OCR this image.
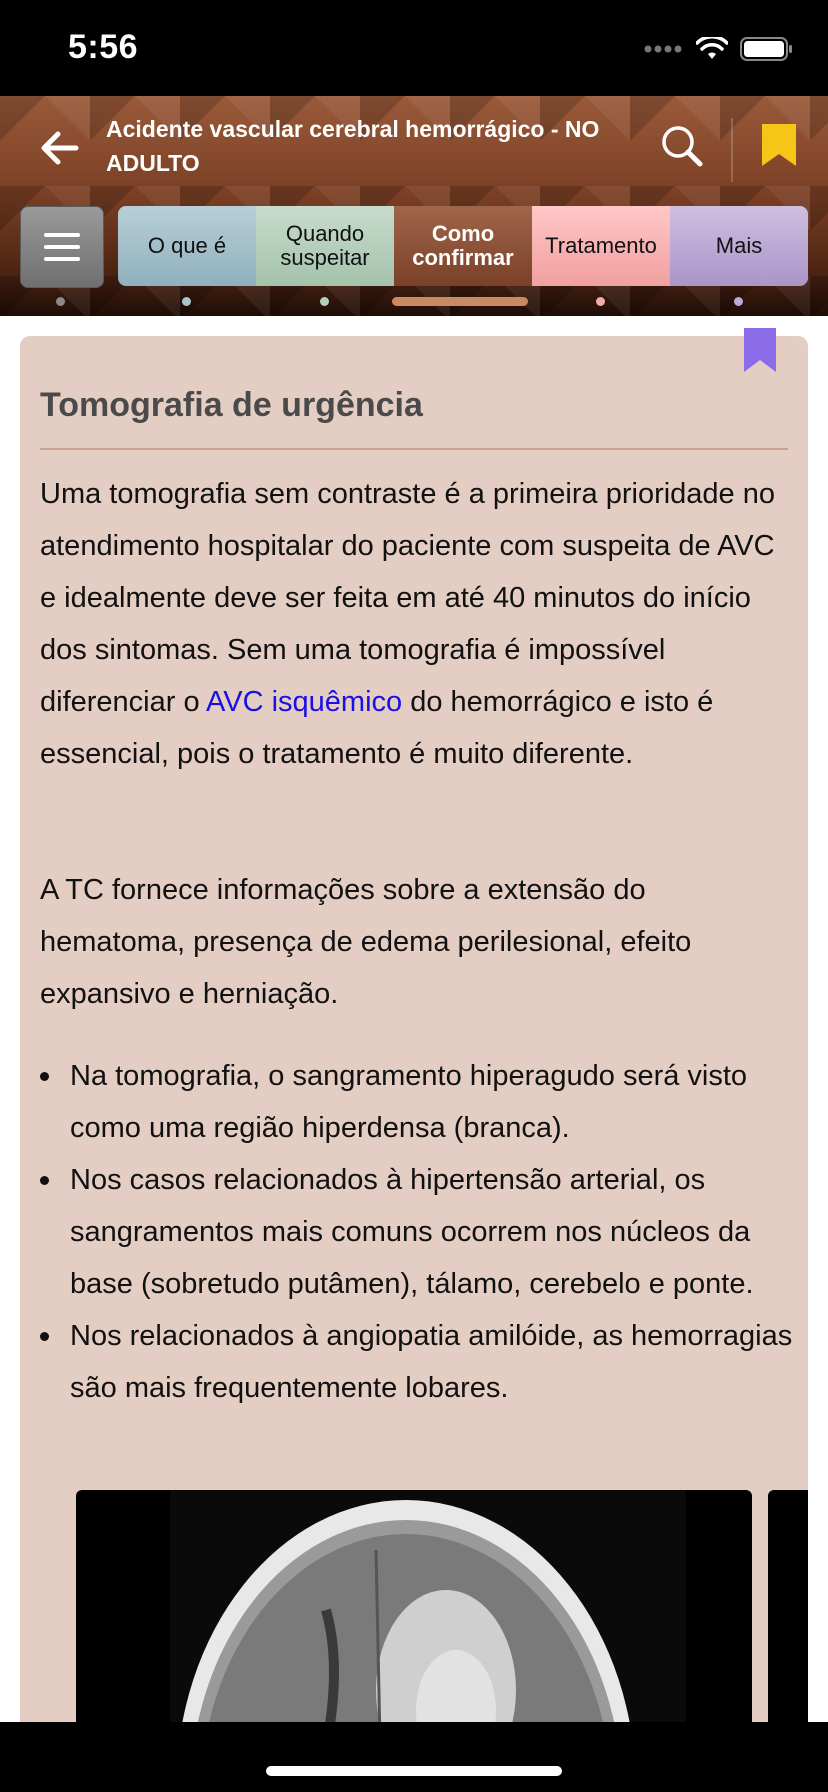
5:56
Acidente vascular cerebral hemorrágico - NO ADULTO
O que é	Quando suspeitar
Como confirmar	Tratamento	Mais
Tomografia de urgência
Uma tomografia sem contraste é a primeira prioridade no atendimento hospitalar do paciente com suspeita de AVC e idealmente deve ser feita em até 40 minutos do início dos sintomas. Sem uma tomografia é impossível diferenciar o AVC isquêmico do hemorrágico e isto é essencial, pois o tratamento é muito diferente.
A TC fornece informações sobre a extensão do hematoma, presença de edema perilesional, efeito expansivo e herniação.
Na tomografia, o sangramento hiperagudo será visto como uma região hiperdensa (branca).
Nos casos relacionados à hipertensão arterial, os sangramentos mais comuns ocorrem nos núcleos da base (sobretudo putâmen), tálamo, cerebelo e ponte.
Nos relacionados à angiopatia amilóide, as hemorragias são mais frequentemente lobares.
